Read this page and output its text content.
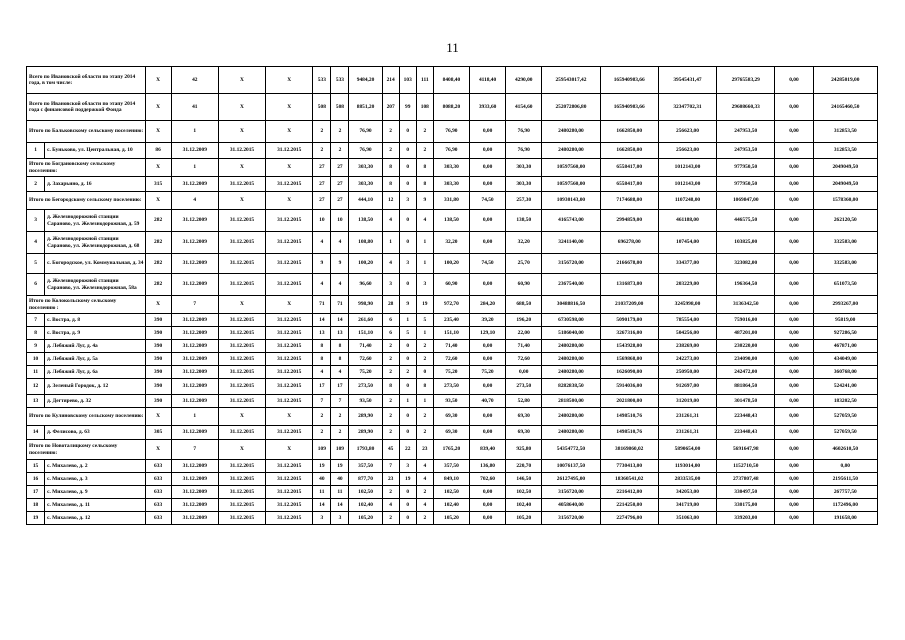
11
Всего по Ивановской области по этапу 2014 года, в том числе:		X	42	X	X	533	533	9484,20	214	103	111	8408,40	4118,40	4290,00	259543017,42	165940983,66	39545431,47	29765583,29	0,00	24285019,00
Всего по Ивановской области по этапу 2014 года с финансовой поддержкой Фонда		X	41	X	X	508	508	8851,20	207	99	108	8088,20	3933,60	4154,60	252072806,80	165940983,66	32347702,31	29608660,33	0,00	24165460,50
Итого по Бальковскому сельскому поселению:		X	1	X	X	2	2	76,90	2	0	2	76,90	0,00	76,90	2480280,00	1662850,00	256623,00	247953,50	0,00	312853,50
1	с. Буньково, ул. Центральная, д. 10	86	31.12.2009	31.12.2015	31.12.2015	2	2	76,90	2	0	2	76,90	0,00	76,90	2480280,00	1662850,00	256623,00	247953,50	0,00	312853,50
Итого по Богдановскому сельскому поселению:		X	1	X	X	27	27	303,30	8	0	8	303,30	0,00	303,30	10597560,00	6558417,00	1012143,00	977950,50	0,00	2049049,50
2	д. Захарьино, д. 16	315	31.12.2009	31.12.2015	31.12.2015	27	27	303,30	8	0	8	303,30	0,00	303,30	10597560,00	6558417,00	1012143,00	977950,50	0,00	2049049,50
Итого по Бегородскому сельскому поселению:		X	4	X	X	27	27	444,10	12	3	9	331,80	74,50	257,30	10930143,00	7174688,00	1107248,00	1069847,00	0,00	1578360,00
3	д. Железнодорожной станции Сараново, ул. Железнодорожная, д. 59	282	31.12.2009	31.12.2015	31.12.2015	10	10	138,50	4	0	4	138,50	0,00	138,50	4165743,00	2994859,00	461188,00	446575,50	0,00	262120,50
4	д. Железнодорожной станции Сараново, ул. Железнодорожная, д. 68	282	31.12.2009	31.12.2015	31.12.2015	4	4	108,80	1	0	1	32,20	0,00	32,20	3241140,00	696278,00	107454,00	103825,00	0,00	332583,00
5	с. Богородское, ул. Коммунальная, д. 34	282	31.12.2009	31.12.2015	31.12.2015	9	9	100,20	4	3	1	100,20	74,50	25,70	3156720,00	2166678,00	334377,00	323082,00	0,00	332583,00
6	д. Железнодорожной станции Сараново, ул. Железнодорожная, 58а	282	31.12.2009	31.12.2015	31.12.2015	4	4	96,60	3	0	3	60,90	0,00	60,90	2367540,00	1316873,00	203229,00	196364,50	0,00	651073,50
Итого по Колокольскому сельскому поселению :		X	7	X	X	71	71	998,90	28	9	19	972,70	284,20	688,50	30488816,50	21037209,00	3245998,00	3136342,50	0,00	2993267,00
7	с. Востра, д. 8	390	31.12.2009	31.12.2015	31.12.2015	14	14	261,60	6	1	5	235,40	39,20	196,20	6730598,00	5090179,00	785554,00	759016,00	0,00	95819,00
8	с. Востра, д. 9	390	31.12.2009	31.12.2015	31.12.2015	13	13	151,10	6	5	1	151,10	129,10	22,00	5186040,00	3267316,00	504256,00	487201,00	0,00	927286,50
9	д. Лебяжий Луг, д. 4а	390	31.12.2009	31.12.2015	31.12.2015	8	8	71,40	2	0	2	71,40	0,00	71,40	2480280,00	1543928,00	238269,00	230220,00	0,00	467871,00
10	д. Лебяжий Луг, д. 5а	390	31.12.2009	31.12.2015	31.12.2015	8	8	72,60	2	0	2	72,60	0,00	72,60	2480280,00	1569868,00	242273,00	234090,00	0,00	434049,00
11	д. Лебяжий Луг, д. 6а	390	31.12.2009	31.12.2015	31.12.2015	4	4	75,20	2	2	0	75,20	75,20	0,00	2480280,00	1626090,00	250950,00	242472,00	0,00	360768,00
12	д. Зеленый Городок, д. 12	390	31.12.2009	31.12.2015	31.12.2015	17	17	273,50	8	0	8	273,50	0,00	273,50	8282838,50	5914036,00	912697,00	881864,50	0,00	524241,00
13	д. Дегтярево, д. 32	390	31.12.2009	31.12.2015	31.12.2015	7	7	93,50	2	1	1	93,50	40,70	52,80	2818500,00	2021800,00	312019,00	301478,50	0,00	183202,50
Итого по Кулиновскому сельскому поселению:		X	1	X	X	2	2	289,90	2	0	2	69,30	0,00	69,30	2480280,00	1498510,76	231261,31	223448,43	0,00	527059,50
14	д. Фелисово, д. 63	305	31.12.2009	31.12.2015	31.12.2015	2	2	289,90	2	0	2	69,30	0,00	69,30	2480280,00	1498510,76	231261,31	223448,43	0,00	527059,50
Итого по Новоталицкому сельскому поселению:		X	7	X	X	109	109	1793,80	45	22	23	1765,20	839,40	925,80	54354772,50	38169860,02	5890654,00	5691647,98	0,00	4602610,50
15	с. Михалево, д. 2	633	31.12.2009	31.12.2015	31.12.2015	19	19	357,50	7	3	4	357,50	136,80	220,70	10076137,50	7730413,00	1193014,00	1152710,50	0,00	0,00
16	с. Михалево, д. 3	633	31.12.2009	31.12.2015	31.12.2015	40	40	877,70	23	19	4	849,10	702,60	146,50	26127495,00	18360541,02	2833535,00	2737807,48	0,00	2195611,50
17	с. Михалево, д. 9	633	31.12.2009	31.12.2015	31.12.2015	11	11	102,50	2	0	2	102,50	0,00	102,50	3156720,00	2216412,00	342053,00	330497,50	0,00	267757,50
18	с. Михалево, д. 11	633	31.12.2009	31.12.2015	31.12.2015	14	14	102,40	4	0	4	102,40	0,00	102,40	4058640,00	2214250,00	341719,00	330175,00	0,00	1172496,00
19	с. Михалево, д. 12	633	31.12.2009	31.12.2015	31.12.2015	3	3	105,20	2	0	2	105,20	0,00	105,20	3156720,00	2274796,00	351063,00	339203,00	0,00	191658,00
